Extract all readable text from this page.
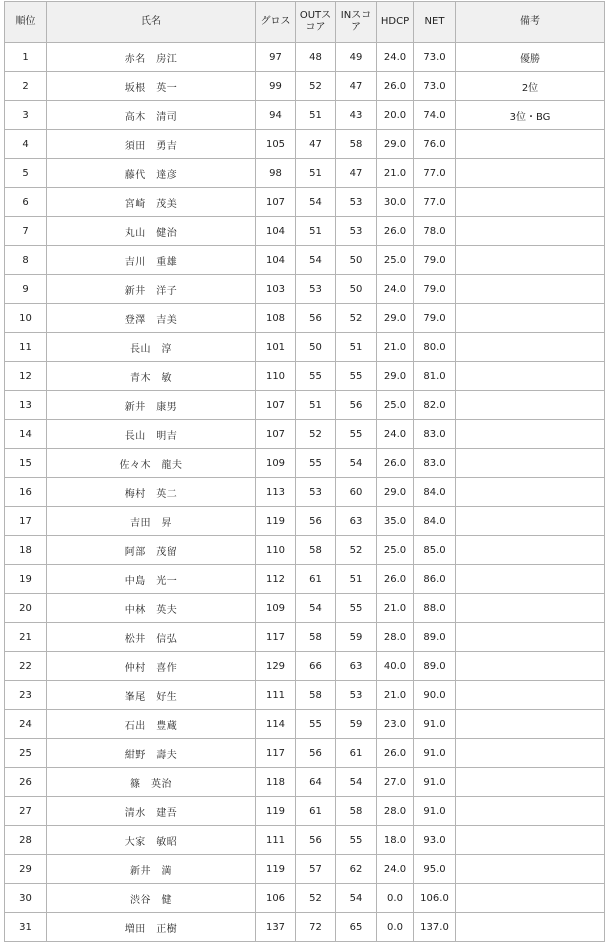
順位	氏名	グロス	OUTスコア	INスコア	HDCP	NET	備考
1	赤名　房江	97	48	49	24.0	73.0	優勝
2	坂根　英一	99	52	47	26.0	73.0	2位
3	高木　清司	94	51	43	20.0	74.0	3位・BG
4	須田　勇吉	105	47	58	29.0	76.0	
5	藤代　達彦	98	51	47	21.0	77.0	
6	宮崎　茂美	107	54	53	30.0	77.0	
7	丸山　健治	104	51	53	26.0	78.0	
8	吉川　重雄	104	54	50	25.0	79.0	
9	新井　洋子	103	53	50	24.0	79.0	
10	登澤　吉美	108	56	52	29.0	79.0	
11	長山　淳	101	50	51	21.0	80.0	
12	青木　敏	110	55	55	29.0	81.0	
13	新井　康男	107	51	56	25.0	82.0	
14	長山　明吉	107	52	55	24.0	83.0	
15	佐々木　龍夫	109	55	54	26.0	83.0	
16	梅村　英二	113	53	60	29.0	84.0	
17	吉田　昇	119	56	63	35.0	84.0	
18	阿部　茂留	110	58	52	25.0	85.0	
19	中島　光一	112	61	51	26.0	86.0	
20	中林　英夫	109	54	55	21.0	88.0	
21	松井　信弘	117	58	59	28.0	89.0	
22	仲村　喜作	129	66	63	40.0	89.0	
23	峯尾　好生	111	58	53	21.0	90.0	
24	石出　豊蔵	114	55	59	23.0	91.0	
25	紺野　壽夫	117	56	61	26.0	91.0	
26	篠　英治	118	64	54	27.0	91.0	
27	清水　建吾	119	61	58	28.0	91.0	
28	大家　敏昭	111	56	55	18.0	93.0	
29	新井　満	119	57	62	24.0	95.0	
30	渋谷　健	106	52	54	0.0	106.0	
31	増田　正樹	137	72	65	0.0	137.0	
